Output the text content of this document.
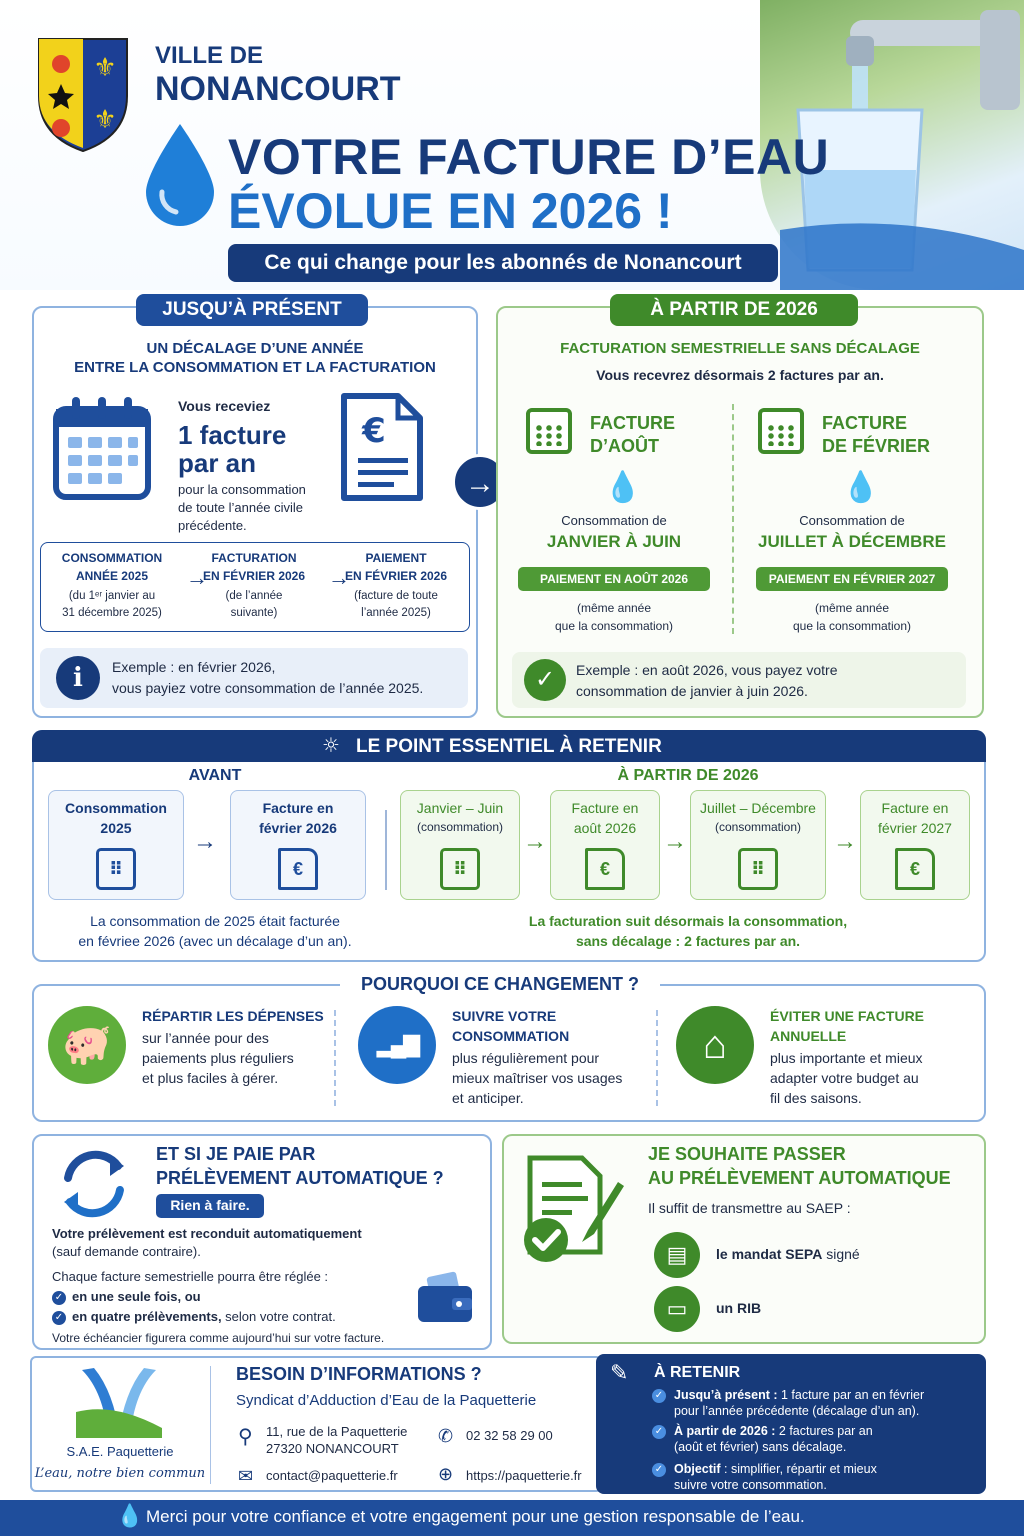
⚜
⚜
VILLE DE
NONANCOURT
VOTRE FACTURE D’EAU
ÉVOLUE EN 2026 !
Ce qui change pour les abonnés de Nonancourt
JUSQU’À PRÉSENT
UN DÉCALAGE D’UNE ANNÉE
ENTRE LA CONSOMMATION ET LA FACTURATION
Vous receviez
1 facture
par an
pour la consommation
de toute l’année civile
précédente.
€
CONSOMMATION
ANNÉE 2025
(du 1ᵉʳ janvier au
31 décembre 2025)
FACTURATION
EN FÉVRIER 2026
(de l’année
suivante)
PAIEMENT
EN FÉVRIER 2026
(facture de toute
l’année 2025)
→	→
i	Exemple : en février 2026,
vous payiez votre consommation de l’année 2025.
→
À PARTIR DE 2026
FACTURATION SEMESTRIELLE SANS DÉCALAGE
Vous recevrez désormais 2 factures par an.
FACTURE
D’AOÛT
💧
Consommation de
JANVIER À JUIN
PAIEMENT EN AOÛT 2026
(même année
que la consommation)
FACTURE
DE FÉVRIER
💧
Consommation de
JUILLET À DÉCEMBRE
PAIEMENT EN FÉVRIER 2027
(même année
que la consommation)
✓	Exemple : en août 2026, vous payez votre
consommation de janvier à juin 2026.
☼ LE POINT ESSENTIEL À RETENIR
AVANT	À PARTIR DE 2026
Consommation
2025
⠿
Facture en
février 2026
€
Janvier – Juin
(consommation)
⠿
Facture en
août 2026
€
Juillet – Décembre
(consommation)
⠿
Facture en
février 2027
€
→	→	→	→
La consommation de 2025 était facturée
en févriee 2026 (avec un décalage d’un an).
La facturation suit désormais la consommation,
sans décalage : 2 factures par an.
POURQUOI CE CHANGEMENT ?
🐖
RÉPARTIR LES DÉPENSES
sur l’année pour des
paiements plus réguliers
et plus faciles à gérer.
▂▄▇
SUIVRE VOTRE
CONSOMMATION
plus régulièrement pour
mieux maîtriser vos usages
et anticiper.
⌂
ÉVITER UNE FACTURE
ANNUELLE
plus importante et mieux
adapter votre budget au
fil des saisons.
ET SI JE PAIE PAR
PRÉLÈVEMENT AUTOMATIQUE ?
Rien à faire.
Votre prélèvement est reconduit automatiquement
(sauf demande contraire).
Chaque facture semestrielle pourra être réglée :
✓ en une seule fois, ou
✓ en quatre prélèvements, selon votre contrat.
Votre échéancier figurera comme aujourd’hui sur votre facture.
JE SOUHAITE PASSER
AU PRÉLÈVEMENT AUTOMATIQUE
Il suffit de transmettre au SAEP :
▤	le mandat SEPA signé
▭	un RIB
S.A.E. Paquetterie
L’eau, notre bien commun
BESOIN D’INFORMATIONS ?
Syndicat d’Adduction d’Eau de la Paquetterie
⚲ 11, rue de la Paquetterie
27320 NONANCOURT
✆ 02 32 58 29 00
✉ contact@paquetterie.fr ⊕ https://paquetterie.fr
✎ À RETENIR
✓ Jusqu’à présent : 1 facture par an en février
pour l’année précédente (décalage d’un an).
✓ À partir de 2026 : 2 factures par an
(août et février) sans décalage.
✓ Objectif : simplifier, répartir et mieux
suivre votre consommation.
💧 Merci pour votre confiance et votre engagement pour une gestion responsable de l’eau.
